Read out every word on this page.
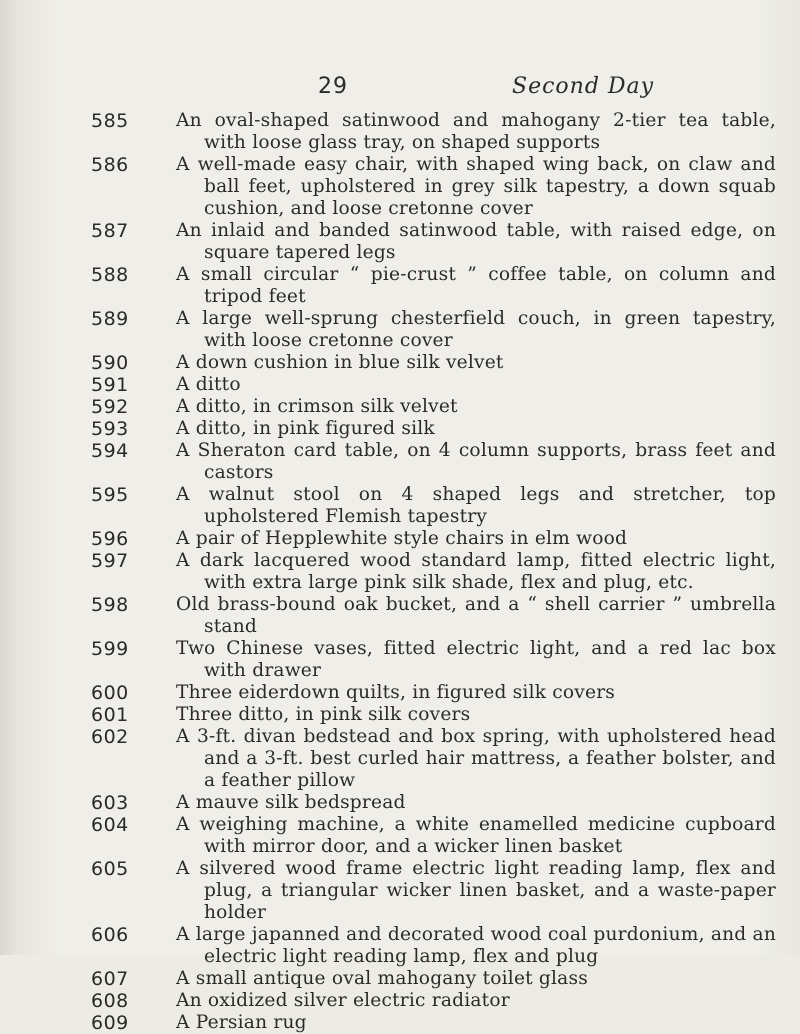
29	Second Day
585	An oval-shaped satinwood and mahogany 2-tier tea table, with loose glass tray, on shaped supports
586	A well-made easy chair, with shaped wing back, on claw and ball feet, upholstered in grey silk tapestry, a down squab cushion, and loose cretonne cover
587	An inlaid and banded satinwood table, with raised edge, on square tapered legs
588	A small circular “ pie-crust ” coffee table, on column and tripod feet
589	A large well-sprung chesterfield couch, in green tapestry, with loose cretonne cover
590	A down cushion in blue silk velvet
591	A ditto
592	A ditto, in crimson silk velvet
593	A ditto, in pink figured silk
594	A Sheraton card table, on 4 column supports, brass feet and castors
595	A walnut stool on 4 shaped legs and stretcher, top upholstered Flemish tapestry
596	A pair of Hepplewhite style chairs in elm wood
597	A dark lacquered wood standard lamp, fitted electric light, with extra large pink silk shade, flex and plug, etc.
598	Old brass-bound oak bucket, and a “ shell carrier ” umbrella stand
599	Two Chinese vases, fitted electric light, and a red lac box with drawer
600	Three eiderdown quilts, in figured silk covers
601	Three ditto, in pink silk covers
602	A 3-ft. divan bedstead and box spring, with upholstered head and a 3-ft. best curled hair mattress, a feather bolster, and a feather pillow
603	A mauve silk bedspread
604	A weighing machine, a white enamelled medicine cupboard with mirror door, and a wicker linen basket
605	A silvered wood frame electric light reading lamp, flex and plug, a triangular wicker linen basket, and a waste-paper holder
606	A large japanned and decorated wood coal purdonium, and an electric light reading lamp, flex and plug
607	A small antique oval mahogany toilet glass
608	An oxidized silver electric radiator
609	A Persian rug
